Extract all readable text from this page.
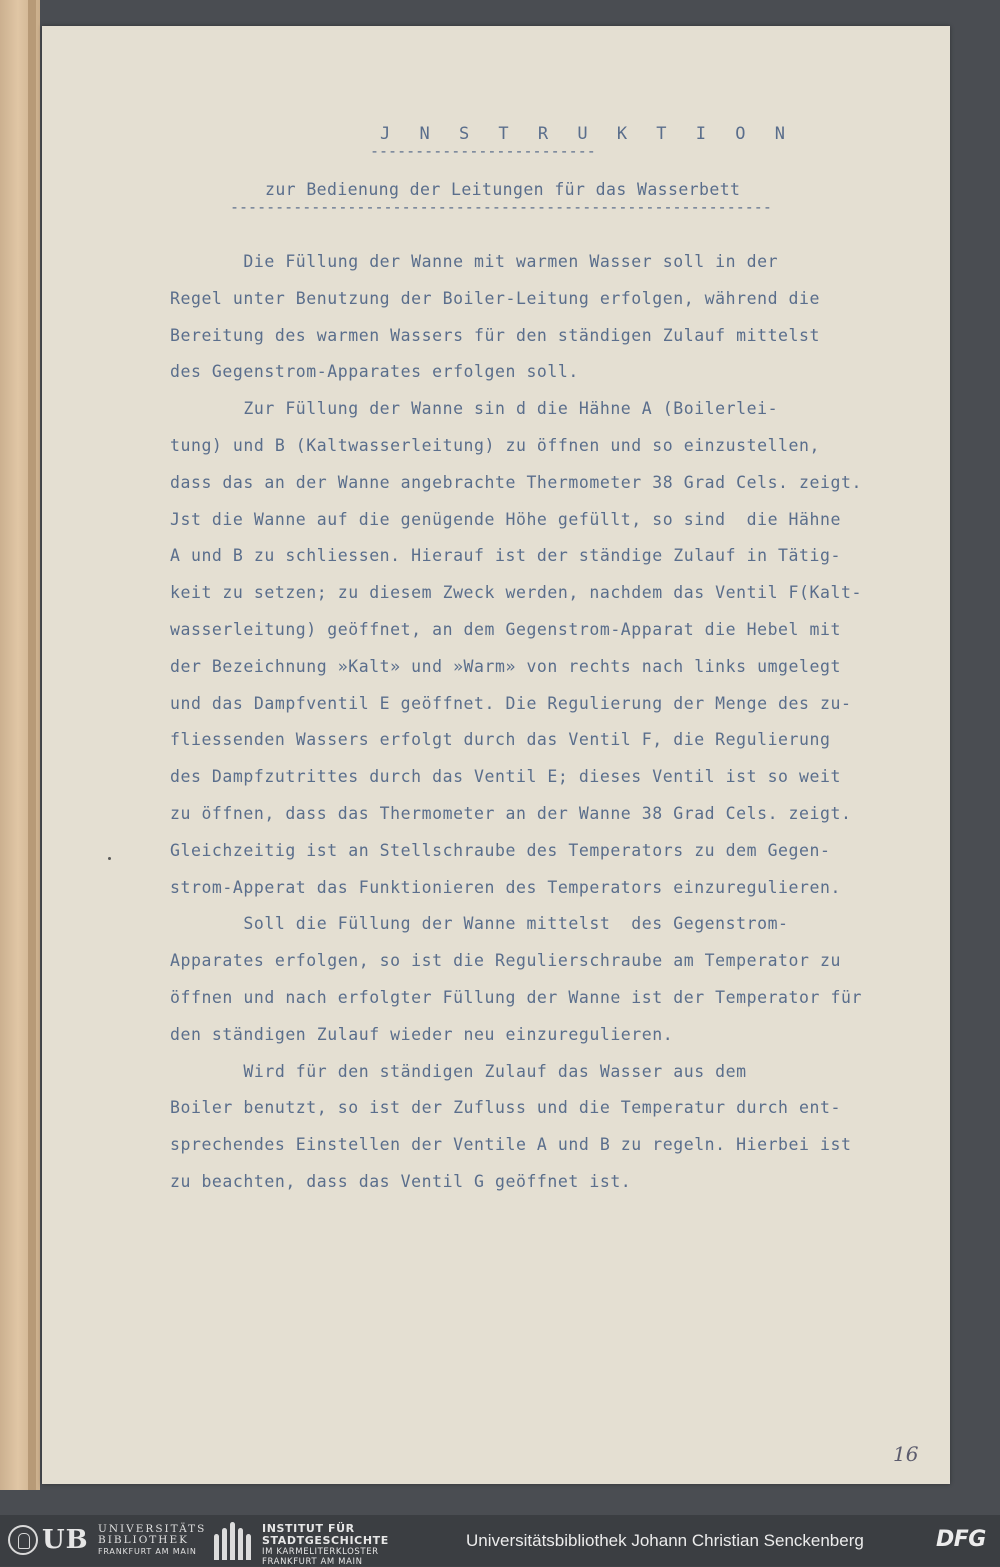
J N S T R U K T I O N
-------------------------
zur Bedienung der Leitungen für das Wasserbett
------------------------------------------------------------
Die Füllung der Wanne mit warmen Wasser soll in der
Regel unter Benutzung der Boiler-Leitung erfolgen, während die
Bereitung des warmen Wassers für den ständigen Zulauf mittelst
des Gegenstrom-Apparates erfolgen soll.
Zur Füllung der Wanne sin d die Hähne A (Boilerlei-
tung) und B (Kaltwasserleitung) zu öffnen und so einzustellen,
dass das an der Wanne angebrachte Thermometer 38 Grad Cels. zeigt.
Jst die Wanne auf die genügende Höhe gefüllt, so sind  die Hähne
A und B zu schliessen. Hierauf ist der ständige Zulauf in Tätig-
keit zu setzen; zu diesem Zweck werden, nachdem das Ventil F(Kalt-
wasserleitung) geöffnet, an dem Gegenstrom-Apparat die Hebel mit
der Bezeichnung »Kalt» und »Warm» von rechts nach links umgelegt
und das Dampfventil E geöffnet. Die Regulierung der Menge des zu-
fliessenden Wassers erfolgt durch das Ventil F, die Regulierung
des Dampfzutrittes durch das Ventil E; dieses Ventil ist so weit
zu öffnen, dass das Thermometer an der Wanne 38 Grad Cels. zeigt.
Gleichzeitig ist an Stellschraube des Temperators zu dem Gegen-
strom-Apperat das Funktionieren des Temperators einzuregulieren.
Soll die Füllung der Wanne mittelst  des Gegenstrom-
Apparates erfolgen, so ist die Regulierschraube am Temperator zu
öffnen und nach erfolgter Füllung der Wanne ist der Temperator für
den ständigen Zulauf wieder neu einzuregulieren.
Wird für den ständigen Zulauf das Wasser aus dem
Boiler benutzt, so ist der Zufluss und die Temperatur durch ent-
sprechendes Einstellen der Ventile A und B zu regeln. Hierbei ist
zu beachten, dass das Ventil G geöffnet ist.
16
UB UNIVERSITÄTS
BIBLIOTHEK
FRANKFURT AM MAIN
INSTITUT FÜR
STADTGESCHICHTE
IM KARMELITERKLOSTER
FRANKFURT AM MAIN
Universitätsbibliothek Johann Christian Senckenberg	DFG
